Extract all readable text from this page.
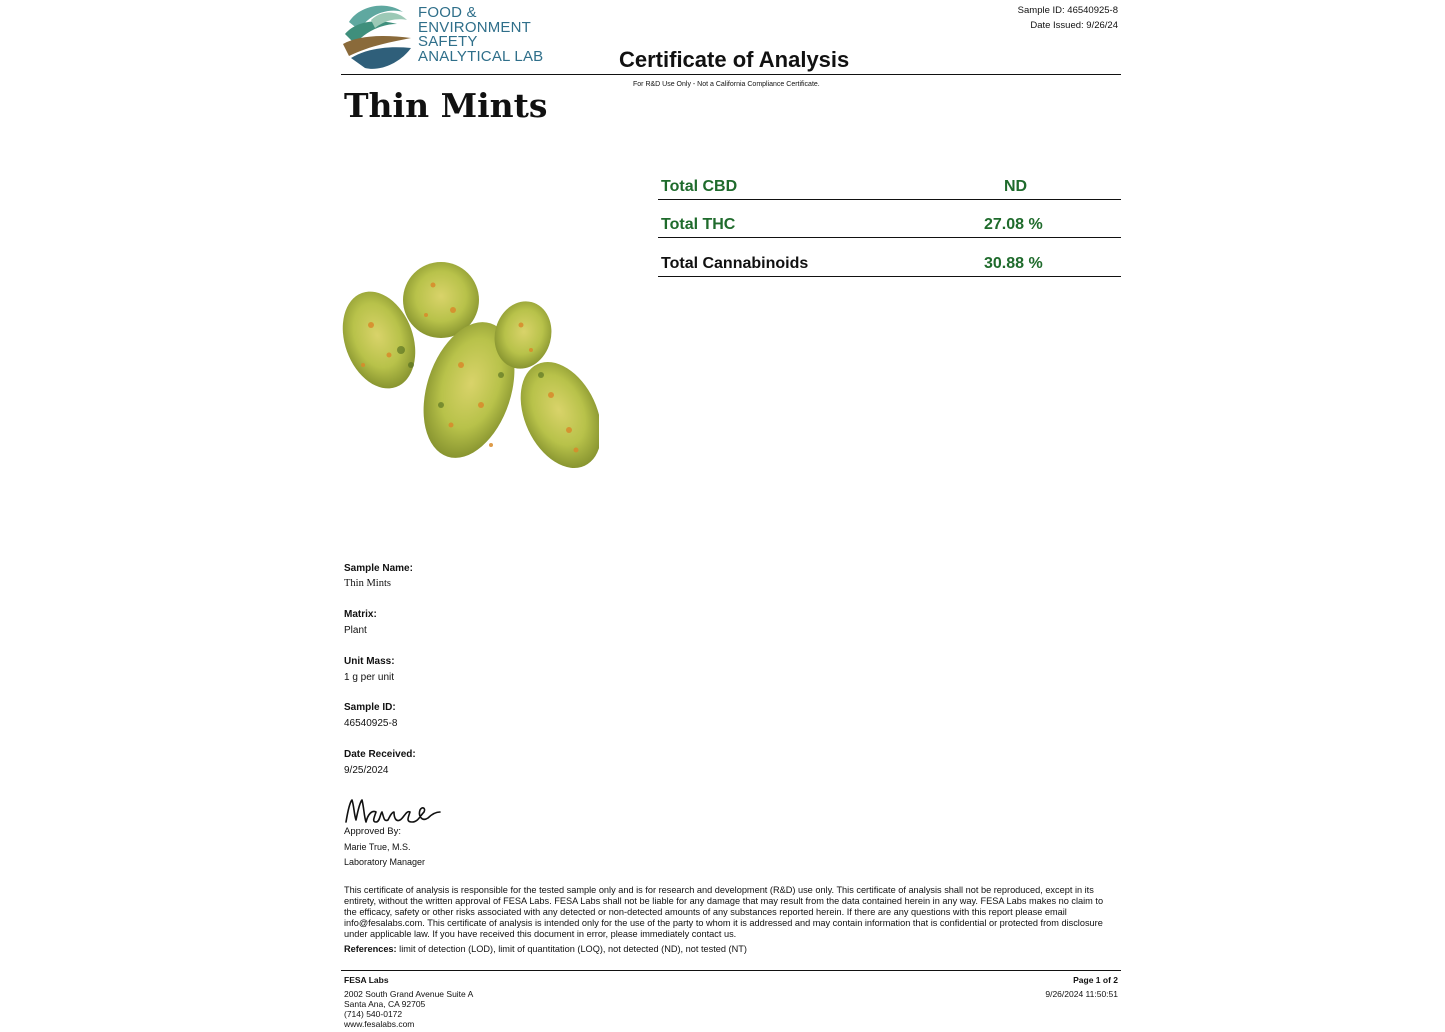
FOOD &
ENVIRONMENT
SAFETY
ANALYTICAL LAB
Sample ID: 46540925-8
Date Issued: 9/26/24
Certificate of Analysis
For R&D Use Only - Not a California Compliance Certificate.
Thin Mints
Total CBD	ND
Total THC	27.08 %
Total Cannabinoids	30.88 %
Sample Name:
Thin Mints
Matrix:
Plant
Unit Mass:
1 g per unit
Sample ID:
46540925-8
Date Received:
9/25/2024
Approved By:
Marie True, M.S.
Laboratory Manager
This certificate of analysis is responsible for the tested sample only and is for research and development (R&D) use only. This certificate of analysis shall not be reproduced, except in its entirety, without the written approval of FESA Labs. FESA Labs shall not be liable for any damage that may result from the data contained herein in any way. FESA Labs makes no claim to the efficacy, safety or other risks associated with any detected or non-detected amounts of any substances reported herein. If there are any questions with this report please email info@fesalabs.com. This certificate of analysis is intended only for the use of the party to whom it is addressed and may contain information that is confidential or protected from disclosure under applicable law. If you have received this document in error, please immediately contact us.
References: limit of detection (LOD), limit of quantitation (LOQ), not detected (ND), not tested (NT)
FESA Labs
2002 South Grand Avenue Suite A
Santa Ana, CA 92705
(714) 540-0172
www.fesalabs.com
Page 1 of 2
9/26/2024 11:50:51
